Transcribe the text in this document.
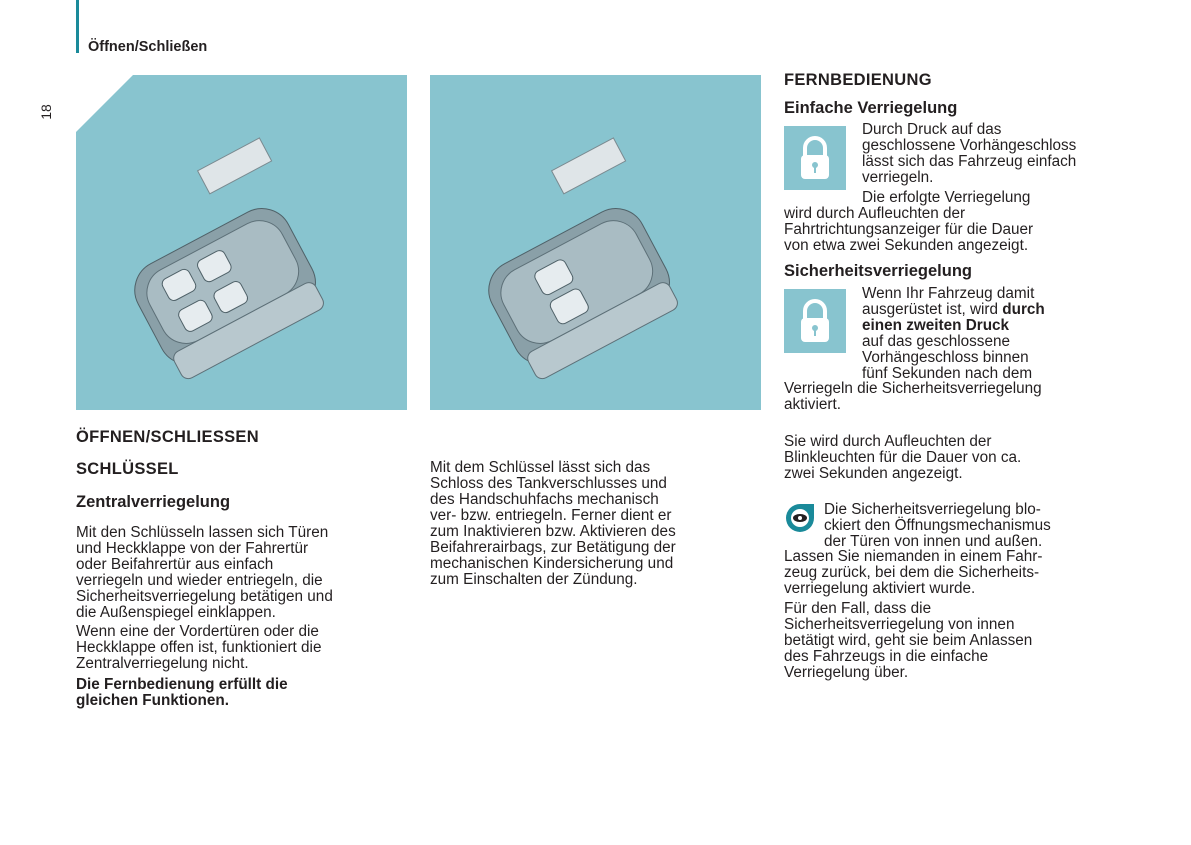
Öffnen/Schließen
18
ÖFFNEN/SCHLIESSEN
SCHLÜSSEL
Zentralverriegelung
Mit den Schlüsseln lassen sich Türen
und Heckklappe von der Fahrertür
oder Beifahrertür aus einfach
verriegeln und wieder entriegeln, die
Sicherheitsverriegelung betätigen und
die Außenspiegel einklappen.
Wenn eine der Vordertüren oder die
Heckklappe offen ist, funktioniert die
Zentralverriegelung nicht.
Die Fernbedienung erfüllt die
gleichen Funktionen.
Mit dem Schlüssel lässt sich das
Schloss des Tankverschlusses und
des Handschuhfachs mechanisch
ver- bzw. entriegeln. Ferner dient er
zum Inaktivieren bzw. Aktivieren des
Beifahrerairbags, zur Betätigung der
mechanischen Kindersicherung und
zum Einschalten der Zündung.
FERNBEDIENUNG
Einfache Verriegelung
Durch Druck auf das
geschlossene Vorhängeschloss
lässt sich das Fahrzeug einfach
verriegeln.
Die erfolgte Verriegelung
wird durch Aufleuchten der
Fahrtrichtungsanzeiger für die Dauer
von etwa zwei Sekunden angezeigt.
Sicherheitsverriegelung
Wenn Ihr Fahrzeug damit
ausgerüstet ist, wird durch
einen zweiten Druck
auf das geschlossene
Vorhängeschloss binnen
fünf Sekunden nach dem
Verriegeln die Sicherheitsverriegelung
aktiviert.
Sie wird durch Aufleuchten der
Blinkleuchten für die Dauer von ca.
zwei Sekunden angezeigt.
Die Sicherheitsverriegelung blo-
ckiert den Öffnungsmechanismus
der Türen von innen und außen.
Lassen Sie niemanden in einem Fahr-
zeug zurück, bei dem die Sicherheits-
verriegelung aktiviert wurde.
Für den Fall, dass die
Sicherheitsverriegelung von innen
betätigt wird, geht sie beim Anlassen
des Fahrzeugs in die einfache
Verriegelung über.
